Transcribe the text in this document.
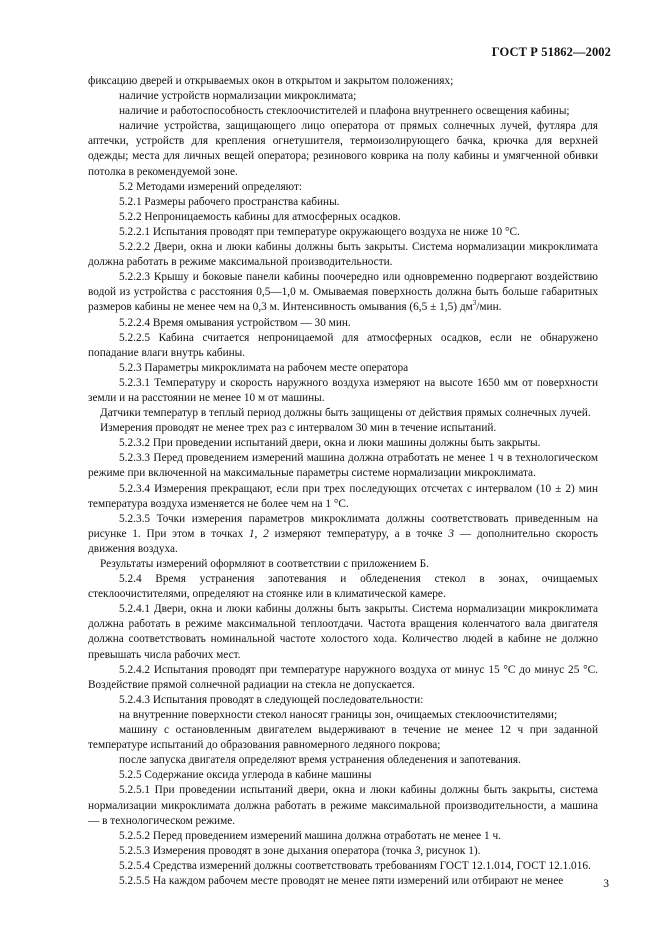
ГОСТ Р 51862—2002

фиксацию дверей и открываемых окон в открытом и закрытом положениях;

наличие устройств нормализации микроклимата;

наличие и работоспособность стеклоочистителей и плафона внутреннего освещения кабины;

наличие устройства, защищающего лицо оператора от прямых солнечных лучей, футляра для аптечки, устройств для крепления огнетушителя, термоизолирующего бачка, крючка для верхней одежды; места для личных вещей оператора; резинового коврика на полу кабины и умягченной обивки потолка в рекомендуемой зоне.

5.2 Методами измерений определяют:

5.2.1 Размеры рабочего пространства кабины.

5.2.2 Непроницаемость кабины для атмосферных осадков.

5.2.2.1 Испытания проводят при температуре окружающего воздуха не ниже 10 °С.

5.2.2.2 Двери, окна и люки кабины должны быть закрыты. Система нормализации микроклимата должна работать в режиме максимальной производительности.

5.2.2.3 Крышу и боковые панели кабины поочередно или одновременно подвергают воздействию водой из устройства с расстояния 0,5—1,0 м. Омываемая поверхность должна быть больше габаритных размеров кабины не менее чем на 0,3 м. Интенсивность омывания (6,5 ± 1,5) $дм^3$/мин.

5.2.2.4 Время омывания устройством — 30 мин.

5.2.2.5 Кабина считается непроницаемой для атмосферных осадков, если не обнаружено попадание влаги внутрь кабины.

5.2.3 Параметры микроклимата на рабочем месте оператора

5.2.3.1 Температуру и скорость наружного воздуха измеряют на высоте 1650 мм от поверхности земли и на расстоянии не менее 10 м от машины.

Датчики температур в теплый период должны быть защищены от действия прямых солнечных лучей.

Измерения проводят не менее трех раз с интервалом 30 мин в течение испытаний.

5.2.3.2 При проведении испытаний двери, окна и люки машины должны быть закрыты.

5.2.3.3 Перед проведением измерений машина должна отработать не менее 1 ч в технологическом режиме при включенной на максимальные параметры системе нормализации микроклимата.

5.2.3.4 Измерения прекращают, если при трех последующих отсчетах с интервалом (10 ± 2) мин температура воздуха изменяется не более чем на 1 °С.

5.2.3.5 Точки измерения параметров микроклимата должны соответствовать приведенным на рисунке 1. При этом в точках 1, 2 измеряют температуру, а в точке 3 — дополнительно скорость движения воздуха.

Результаты измерений оформляют в соответствии с приложением Б.

5.2.4 Время устранения запотевания и обледенения стекол в зонах, очищаемых стеклоочистителями, определяют на стоянке или в климатической камере.

5.2.4.1 Двери, окна и люки кабины должны быть закрыты. Система нормализации микроклимата должна работать в режиме максимальной теплоотдачи. Частота вращения коленчатого вала двигателя должна соответствовать номинальной частоте холостого хода. Количество людей в кабине не должно превышать числа рабочих мест.

5.2.4.2 Испытания проводят при температуре наружного воздуха от минус 15 °С до минус 25 °С. Воздействие прямой солнечной радиации на стекла не допускается.

5.2.4.3 Испытания проводят в следующей последовательности:

на внутренние поверхности стекол наносят границы зон, очищаемых стеклоочистителями;

машину с остановленным двигателем выдерживают в течение не менее 12 ч при заданной температуре испытаний до образования равномерного ледяного покрова;

после запуска двигателя определяют время устранения обледенения и запотевания.

5.2.5 Содержание оксида углерода в кабине машины

5.2.5.1 При проведении испытаний двери, окна и люки кабины должны быть закрыты, система нормализации микроклимата должна работать в режиме максимальной производительности, а машина — в технологическом режиме.

5.2.5.2 Перед проведением измерений машина должна отработать не менее 1 ч.

5.2.5.3 Измерения проводят в зоне дыхания оператора (точка 3, рисунок 1).

5.2.5.4 Средства измерений должны соответствовать требованиям ГОСТ 12.1.014, ГОСТ 12.1.016.

5.2.5.5 На каждом рабочем месте проводят не менее пяти измерений или отбирают не менее	3
